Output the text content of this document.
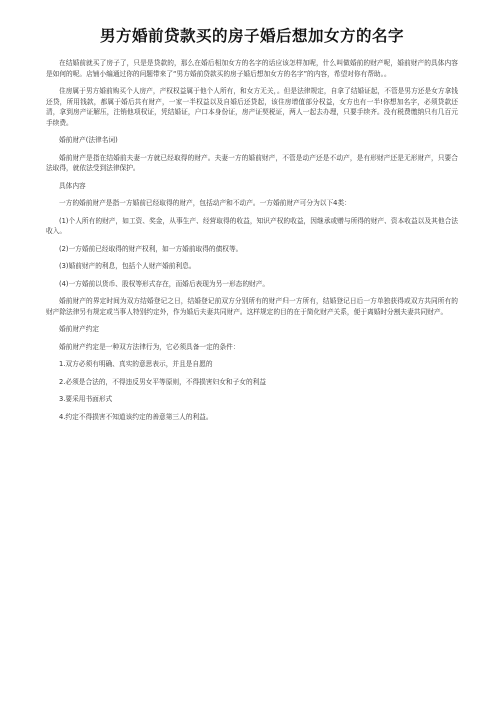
男方婚前贷款买的房子婚后想加女方的名字

在结婚前就买了房子了，只是是贷款的，那么在婚后相加女方的名字的话应该怎样加呢，什么叫做婚前的财产呢，婚前财产的具体内容是如何的呢。店铺小编通过你的问题带来了“男方婚前贷款买的房子婚后想加女方的名字”的内容，希望对你有帮助。。

住房属于男方婚前购买个人房产，产权权益属于他个人所有，和女方无关，。但是法律规定，自拿了结婚证起，不管是男方还是女方拿钱还贷，所用钱款，都属于婚后共有财产，一家一半权益以及自婚后还贷起，该住房增值部分权益，女方也有一半!你想加名字，必须贷款还清，拿到房产证解压，注销他项权证，凭结婚证，户口本身份证，房产证契税证，两人一起去办理，只要手续齐。没有税费缴纳只有几百元手续费。

婚前财产(法律名词)

婚前财产是指在结婚前夫妻一方就已经取得的财产。夫妻一方的婚前财产，不管是动产还是不动产，是有形财产还是无形财产，只要合法取得，就依法受到法律保护。

具体内容

一方的婚前财产是指一方婚前已经取得的财产，包括动产和不动产。一方婚前财产可分为以下4类：

(1)个人所有的财产，如工资、奖金，从事生产、经营取得的收益，知识产权的收益，因继承或赠与所得的财产、资本收益以及其他合法收入。

(2)一方婚前已经取得的财产权利，如一方婚前取得的债权等。

(3)婚前财产的利息，包括个人财产婚前利息。

(4)一方婚前以货币、股权等形式存在，而婚后表现为另一形态的财产。

婚前财产的界定时间为双方结婚登记之日，结婚登记前双方分别所有的财产归一方所有，结婚登记日后一方单独获得或双方共同所有的财产除法律另有规定或当事人特别约定外，作为婚后夫妻共同财产。这样规定的目的在于简化财产关系，便于离婚时分割夫妻共同财产。

婚前财产约定

婚前财产约定是一种双方法律行为，它必须具备一定的条件：

1.双方必须有明确、真实的意思表示，并且是自愿的

2.必须是合法的，不得违反男女平等原则，不得损害妇女和子女的利益

3.要采用书面形式

4.约定不得损害不知道该约定的善意第三人的利益。
